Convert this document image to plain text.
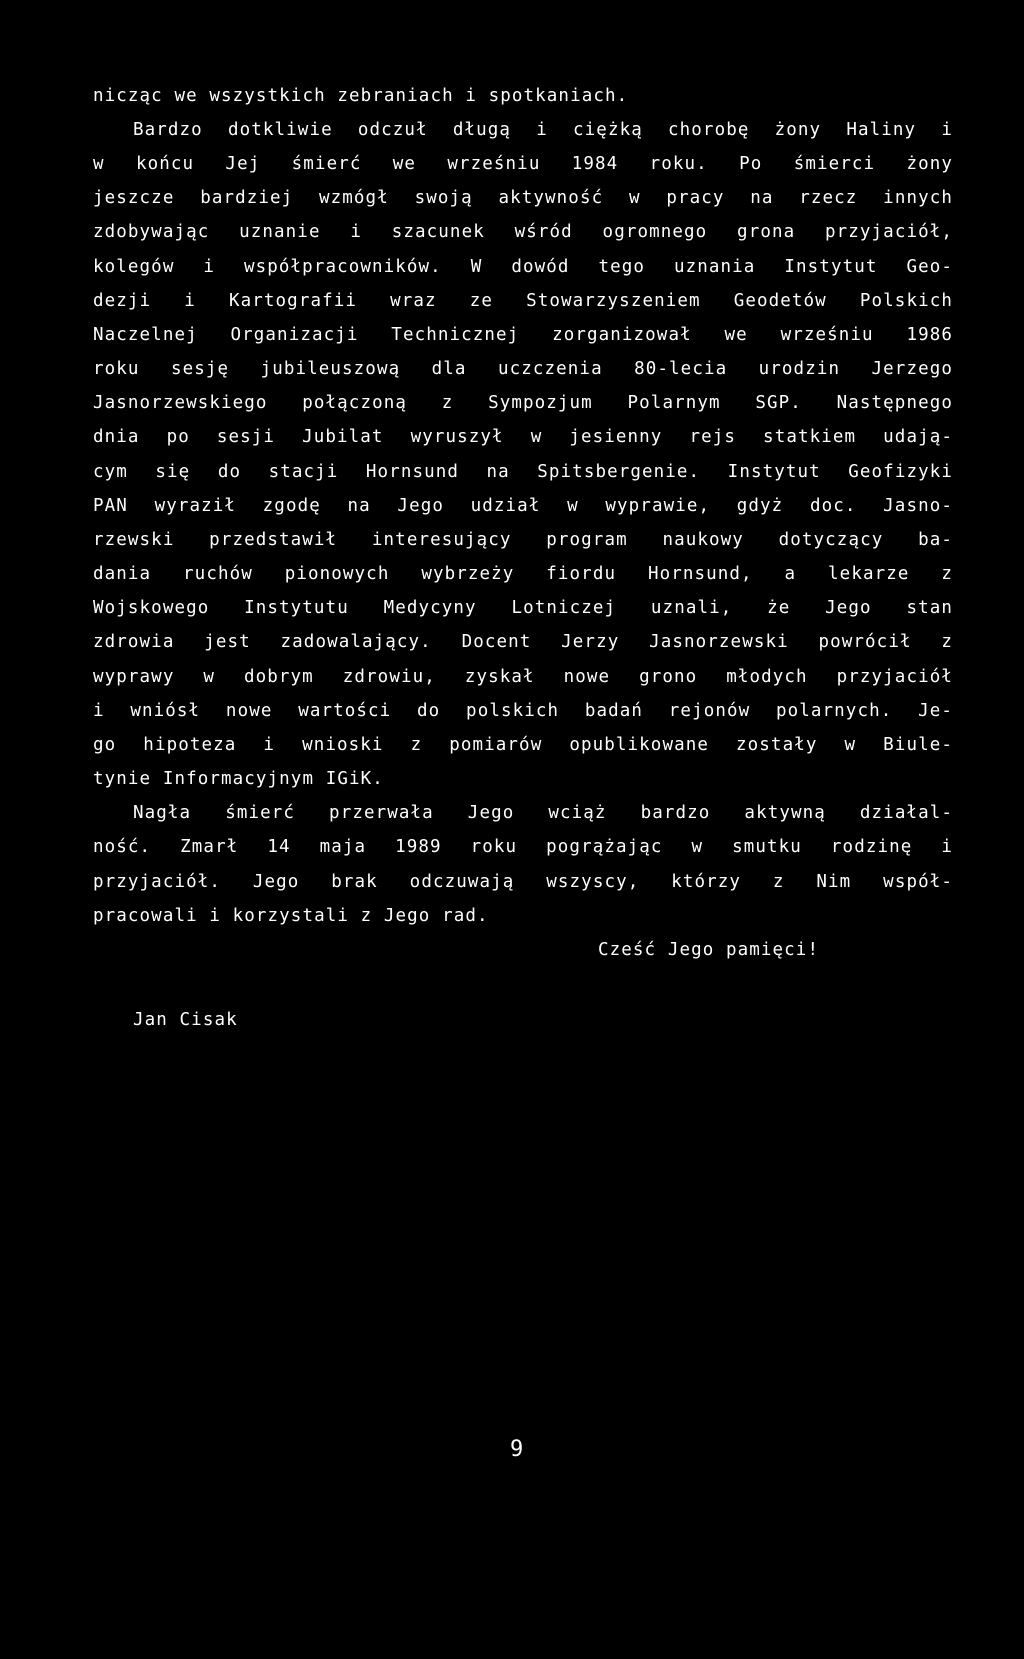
nicząc we wszystkich zebraniach i spotkaniach.
Bardzo dotkliwie odczuł długą i ciężką chorobę żony Haliny i
w końcu Jej śmierć we wrześniu 1984 roku. Po śmierci żony
jeszcze bardziej wzmógł swoją aktywność w pracy na rzecz innych
zdobywając uznanie i szacunek wśród ogromnego grona przyjaciół,
kolegów i współpracowników. W dowód tego uznania Instytut Geo-
dezji i Kartografii wraz ze Stowarzyszeniem Geodetów Polskich
Naczelnej Organizacji Technicznej zorganizował we wrześniu 1986
roku sesję jubileuszową dla uczczenia 80-lecia urodzin Jerzego
Jasnorzewskiego połączoną z Sympozjum Polarnym SGP. Następnego
dnia po sesji Jubilat wyruszył w jesienny rejs statkiem udają-
cym się do stacji Hornsund na Spitsbergenie. Instytut Geofizyki
PAN wyraził zgodę na Jego udział w wyprawie, gdyż doc. Jasno-
rzewski przedstawił interesujący program naukowy dotyczący ba-
dania ruchów pionowych wybrzeży fiordu Hornsund, a lekarze z
Wojskowego Instytutu Medycyny Lotniczej uznali, że Jego stan
zdrowia jest zadowalający. Docent Jerzy Jasnorzewski powrócił z
wyprawy w dobrym zdrowiu, zyskał nowe grono młodych przyjaciół
i wniósł nowe wartości do polskich badań rejonów polarnych. Je-
go hipoteza i wnioski z pomiarów opublikowane zostały w Biule-
tynie Informacyjnym IGiK.
Nagła śmierć przerwała Jego wciąż bardzo aktywną działal-
ność. Zmarł 14 maja 1989 roku pogrążając w smutku rodzinę i
przyjaciół. Jego brak odczuwają wszyscy, którzy z Nim współ-
pracowali i korzystali z Jego rad.
Cześć Jego pamięci!
Jan Cisak
9
